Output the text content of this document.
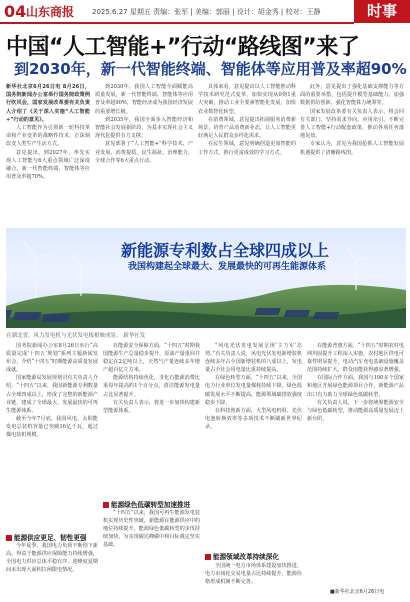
04 山东商报	2025.6.27 星期五 责编：张军 | 美编：郭丽 | 设计：胡金秀 | 校对：王静	时事
中国“人工智能+”行动“路线图”来了
到2030年，新一代智能终端、智能体等应用普及率超90%

新华社北京6月26日电 8月26日，国务院新闻办公室举行国务院政策例行吹风会，国家发展改革委有关负责人介绍了《关于深入实施“人工智能+”行动的意见》。

人工智能作为引领新一轮科技革命和产业变革的战略性技术，正深刻改变人类生产生活方式。

意见提出，到2027年，率先实现人工智能与6大重点领域广泛深度融合，新一代智能终端、智能体等应用普及率超70%。

到2030年，我国人工智能全面赋能高质量发展，新一代智能终端、智能体等应用普及率超90%，智能经济成为我国经济发展的重要增长极。

到2035年，我国全面步入智能经济和智能社会发展新阶段，为基本实现社会主义现代化提供有力支撑。

意见部署了“人工智能+”科学技术、产业发展、消费提质、民生福祉、治理能力、全球合作等6大重点行动。

具体来看，意见提出以人工智能推动科学技术研究范式变革，加快实现从0到1重大突破，推动工业全要素智能化发展，加快农业数智化转型。

在消费领域，意见提出拓展服务消费新场景，培育产品消费新业态，让人工智能更好满足人民群众多样化需求。

在民生领域，意见明确创造更加智能的工作方式、推行更富成效的学习方式。

此外，意见提出了强化基础支撑能力等方面的重要举措，包括提升模型基础能力、加强数据供给创新、强化智能算力统筹等。

国家发展改革委有关负责人表示，将会同有关部门，坚持需求导向、应用牵引，不断完善人工智能+行动配套政策，推动各项任务落地见效。

专家认为，意见为我国抢抓人工智能发展机遇提供了清晰路线图。

新能源专利数占全球四成以上
我国构建起全球最大、发展最快的可再生能源体系
在湖北省，风力发电机与光伏发电板相映成景。 新华社发

国务院新闻办公室8月26日举行“高质量完成‘十四五’规划”系列主题新闻发布会，介绍“十四五”时期能源高质量发展成就。

国家能源局发展规划司有关负责人介绍，“十四五”以来，我国新能源专利数量占全球四成以上，形成了完整的新能源产业链，建成了全球最大、发展最快的可再生能源体系。

截至今年7月底，我国风电、太阳能发电总装机容量已突破16亿千瓦，超过煤电装机规模。

在能源安全保障方面，“十四五”时期我国能源生产总量稳步提升，原油产量重回并稳定在2亿吨以上，天然气产量连续多年增产超百亿立方米。

能源结构持续优化，非化石能源消费比重每年提高约1个百分点，清洁能源发电量占比显著提升。

有关负责人表示，将进一步加快构建新型能源体系。

“风电光伏发电发展呈现‘主力军’态势。”有关负责人说，风电光伏发电新增装机连续多年占全国新增装机的八成以上，发电量占全社会用电量比重持续提高。

在绿色转型方面，“十四五”以来，全国电力行业单位发电量煤耗持续下降，绿色低碳发展水平不断提高，能源领域碳排放强度稳步下降。

在科技创新方面，大型风电机组、光伏电池转换效率等多项技术不断刷新世界纪录。

在能源普惠方面，“十四五”时期农村电网巩固提升工程深入实施，农村地区供电可靠性明显提升，电动汽车充电基础设施覆盖范围持续扩大，群众用能获得感显著增强。

在国际合作方面，我国与100多个国家和地区开展绿色能源项目合作，新能源产品出口有力助力全球绿色低碳转型。

有关负责人说，下一步将统筹能源安全与绿色低碳转型，推动能源高质量发展迈上新台阶。

能源供应更足、韧性更强

今年夏季，我国电力负荷不断创下新高。得益于能源供应保障能力持续增强，全国电力供应总体平稳有序，迎峰度夏期间未出现大面积拉闸限电情况。

能源绿色低碳转型加速推进

“十四五”以来，我国可再生能源发电装机实现历史性突破，新能源在能源供应中的地位持续提升。能源绿色低碳转型的步伐持续加快，为实现碳达峰碳中和目标奠定坚实基础。

能源领域改革持续深化

全国统一电力市场体系建设加快推进，电力市场化交易电量占比持续提升，能源价格形成机制不断完善。

■新华社北京6月26日电
